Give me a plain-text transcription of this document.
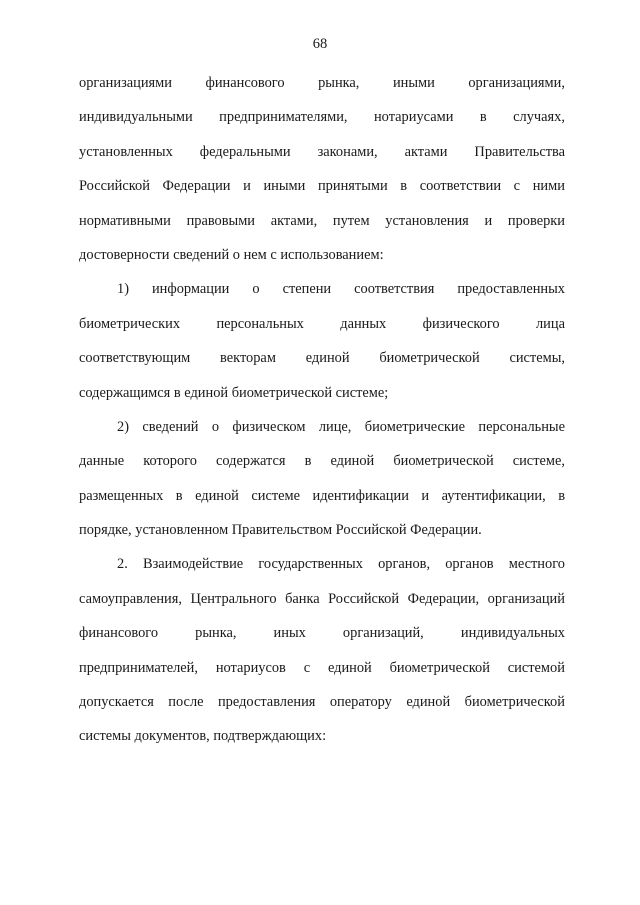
68
организациями финансового рынка, иными организациями,
индивидуальными предпринимателями, нотариусами в случаях,
установленных федеральными законами, актами Правительства
Российской Федерации и иными принятыми в соответствии с ними
нормативными правовыми актами, путем установления и проверки
достоверности сведений о нем с использованием:
1) информации о степени соответствия предоставленных
биометрических	персональных	данных	физического	лица
соответствующим векторам единой биометрической системы,
содержащимся в единой биометрической системе;
2) сведений о физическом лице, биометрические персональные
данные которого содержатся в единой биометрической системе,
размещенных в единой системе идентификации и аутентификации, в
порядке, установленном Правительством Российской Федерации.
2. Взаимодействие государственных органов, органов местного
самоуправления, Центрального банка Российской Федерации, организаций
финансового	рынка,	иных	организаций,	индивидуальных
предпринимателей, нотариусов с единой биометрической системой
допускается после предоставления оператору единой биометрической
системы документов, подтверждающих:
